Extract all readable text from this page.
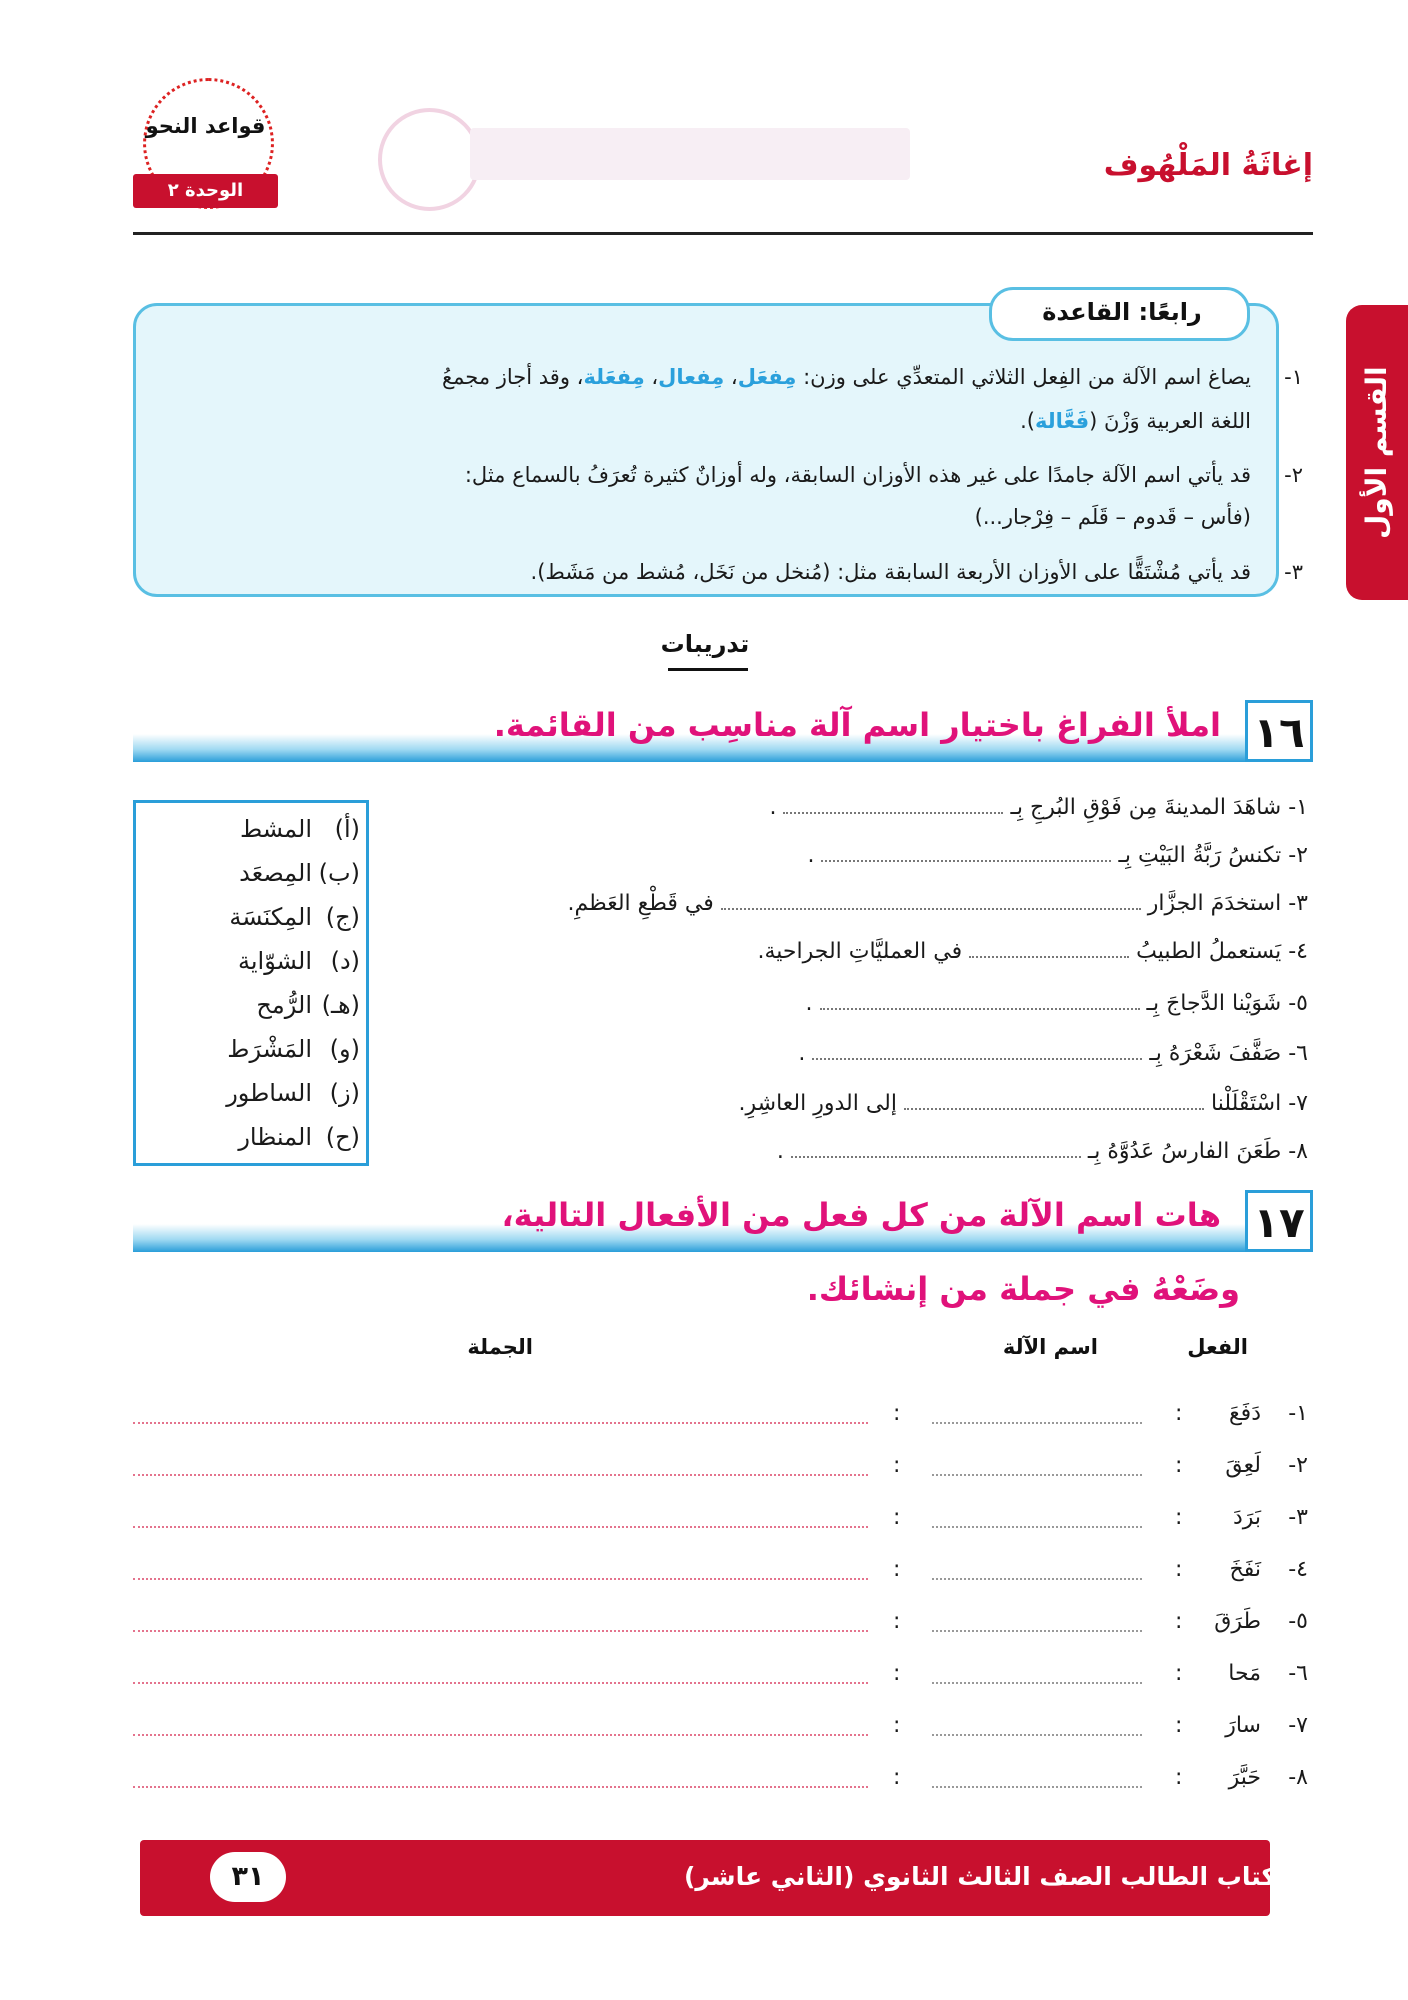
إغاثَةُ المَلْهُوف
قواعد النحو
الوحدة ٢
القسم الأول
رابعًا: القاعدة
١-يصاغ اسم الآلة من الفِعل الثلاثي المتعدِّي على وزن: مِفعَل، مِفعال، مِفعَلة، وقد أجاز مجمعُ
اللغة العربية وَزْنَ (فَعَّالة).
٢-قد يأتي اسم الآلة جامدًا على غير هذه الأوزان السابقة، وله أوزانٌ كثيرة تُعرَفُ بالسماع مثل:
(فأس – قَدوم – قَلَم – فِرْجار...)
٣-قد يأتي مُشْتَقًّا على الأوزان الأربعة السابقة مثل: (مُنخل من نَخَل، مُشط من مَشَط).
تدريبات
١٦
املأ الفراغ باختيار اسم آلة مناسِب من القائمة.
١- شاهَدَ المدينةَ مِن فَوْقِ البُرجِ بِـ  .
٢- تكنسُ رَبَّةُ البَيْتِ بِـ  .
٣- استخدَمَ الجزَّار  في قَطْعِ العَظمِ.
٤- يَستعملُ الطبيبُ  في العمليَّاتِ الجراحية.
٥- شَوَيْنا الدَّجاجَ بِـ  .
٦- صَفَّفَ شَعْرَهُ بِـ  .
٧- اسْتَقْلَلْنا  إلى الدورِ العاشِرِ.
٨- طَعَنَ الفارسُ عَدُوَّهُ بِـ  .
(أ)المشط
(ب)المِصعَد
(ج)المِكنَسَة
(د)الشوّاية
(هـ)الرُّمح
(و)المَشْرَط
(ز)الساطور
(ح)المنظار
١٧
هات اسم الآلة من كل فعل من الأفعال التالية،
وضَعْهُ في جملة من إنشائك.
الفعل
اسم الآلة
الجملة
١-
دَفَعَ
:
:
٢-
لَعِقَ
:
:
٣-
بَرَدَ
:
:
٤-
نَفَخَ
:
:
٥-
طَرَقَ
:
:
٦-
مَحا
:
:
٧-
سارَ
:
:
٨-
حَبَّرَ
:
:
كتاب الطالب الصف الثالث الثانوي (الثاني عاشر)
٣١
